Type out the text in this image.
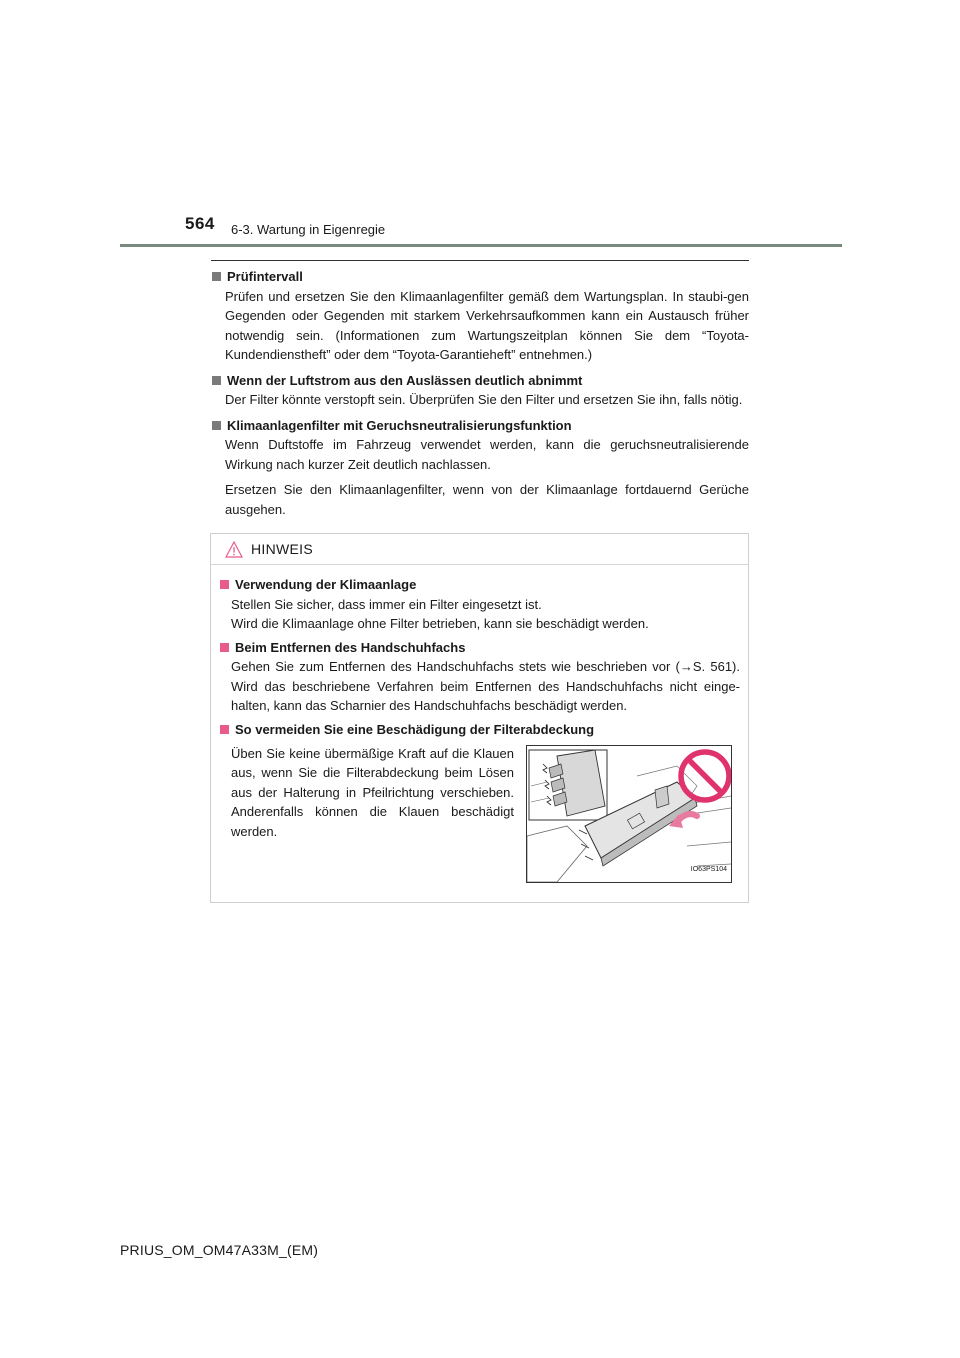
564 6-3. Wartung in Eigenregie
Prüfintervall
Prüfen und ersetzen Sie den Klimaanlagenfilter gemäß dem Wartungsplan. In staubi-gen Gegenden oder Gegenden mit starkem Verkehrsaufkommen kann ein Austausch früher notwendig sein. (Informationen zum Wartungszeitplan können Sie dem “Toyota-Kundendienstheft” oder dem “Toyota-Garantieheft” entnehmen.)
Wenn der Luftstrom aus den Auslässen deutlich abnimmt
Der Filter könnte verstopft sein. Überprüfen Sie den Filter und ersetzen Sie ihn, falls nötig.
Klimaanlagenfilter mit Geruchsneutralisierungsfunktion
Wenn Duftstoffe im Fahrzeug verwendet werden, kann die geruchsneutralisierende Wirkung nach kurzer Zeit deutlich nachlassen.
Ersetzen Sie den Klimaanlagenfilter, wenn von der Klimaanlage fortdauernd Gerüche ausgehen.
HINWEIS
Verwendung der Klimaanlage
Stellen Sie sicher, dass immer ein Filter eingesetzt ist.
Wird die Klimaanlage ohne Filter betrieben, kann sie beschädigt werden.
Beim Entfernen des Handschuhfachs
Gehen Sie zum Entfernen des Handschuhfachs stets wie beschrieben vor (→S. 561). Wird das beschriebene Verfahren beim Entfernen des Handschuhfachs nicht einge-halten, kann das Scharnier des Handschuhfachs beschädigt werden.
So vermeiden Sie eine Beschädigung der Filterabdeckung
Üben Sie keine übermäßige Kraft auf die Klauen aus, wenn Sie die Filterabdeckung beim Lösen aus der Halterung in Pfeilrichtung verschieben. Anderenfalls können die Klauen beschädigt werden.
IO63PS104
PRIUS_OM_OM47A33M_(EM)
